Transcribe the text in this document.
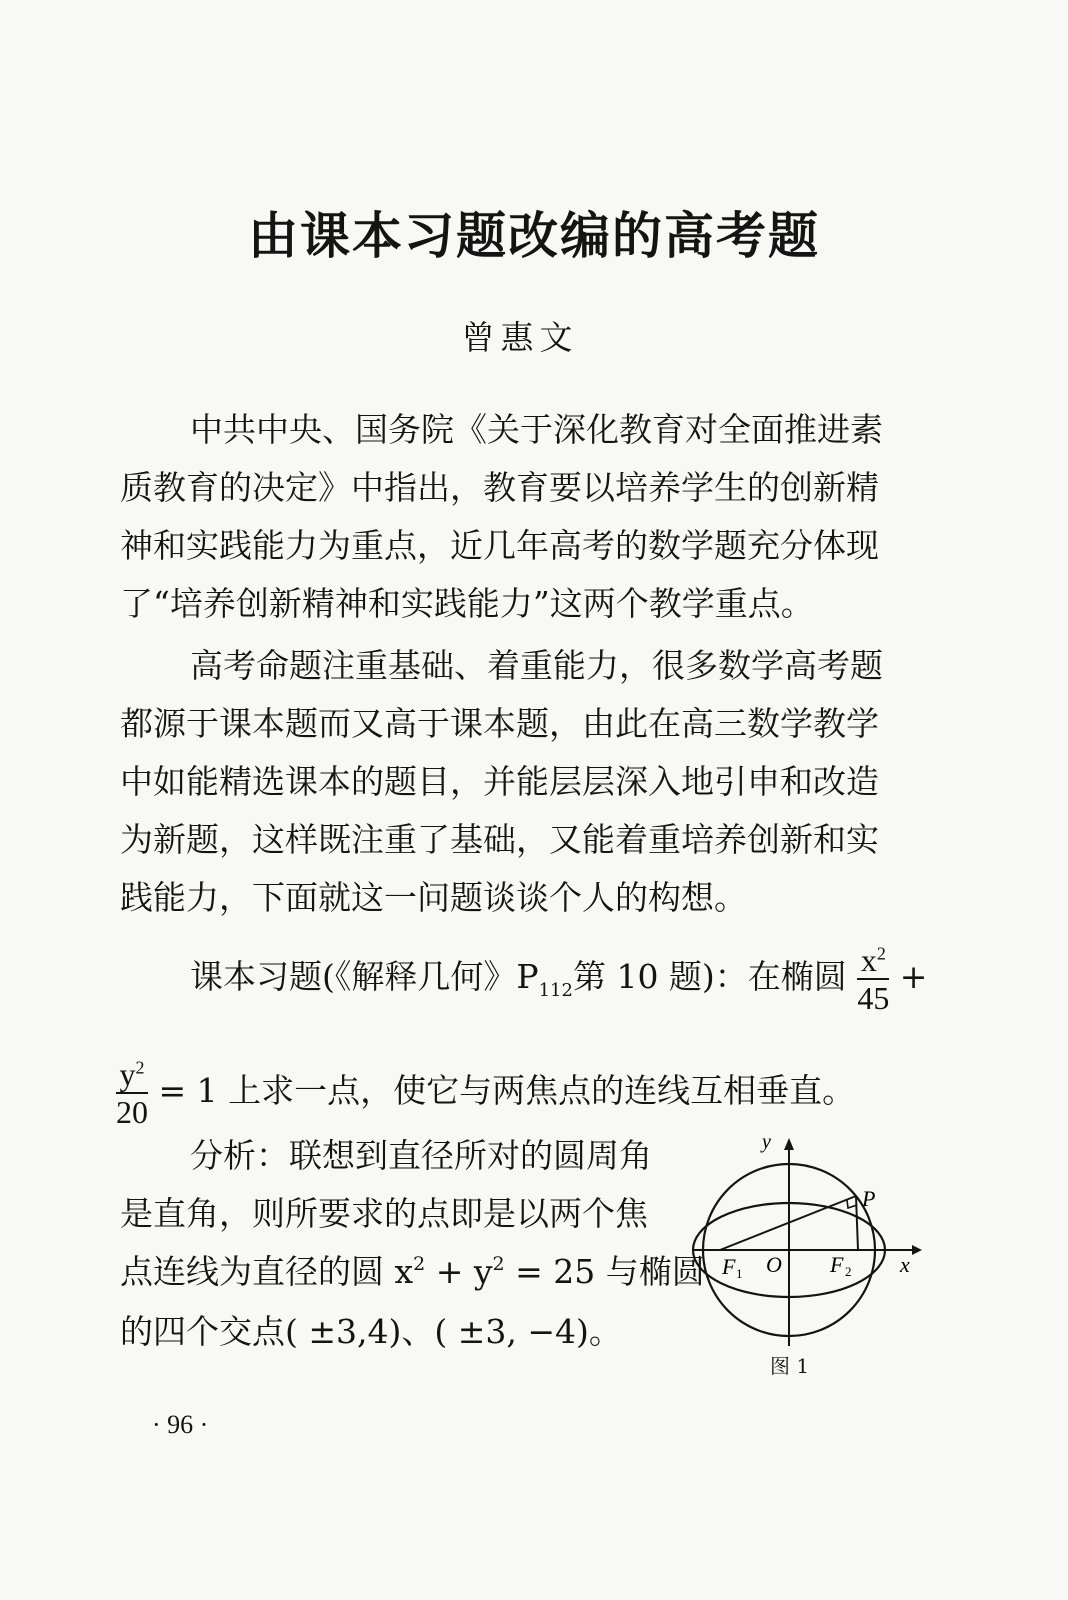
由课本习题改编的高考题
曾惠文
中共中央、国务院《关于深化教育对全面推进素
质教育的决定》中指出，教育要以培养学生的创新精
神和实践能力为重点，近几年高考的数学题充分体现
了“培养创新精神和实践能力”这两个教学重点。
高考命题注重基础、着重能力，很多数学高考题
都源于课本题而又高于课本题，由此在高三数学教学
中如能精选课本的题目，并能层层深入地引申和改造
为新题，这样既注重了基础，又能着重培养创新和实
践能力，下面就这一问题谈谈个人的构想。
课本习题(《解释几何》$P_{112}$第 10 题)：在椭圆 $\frac{x^2}{45}$ +
$\frac{y^2}{20} = 1$ 上求一点，使它与两焦点的连线互相垂直。
分析：联想到直径所对的圆周角
是直角，则所要求的点即是以两个焦
点连线为直径的圆 $x^2 + y^2 = 25$ 与椭圆
的四个交点( ±3,4)、( ±3, −4)。
y
x
P
O
F 1	F 2
图 1
· 96 ·
